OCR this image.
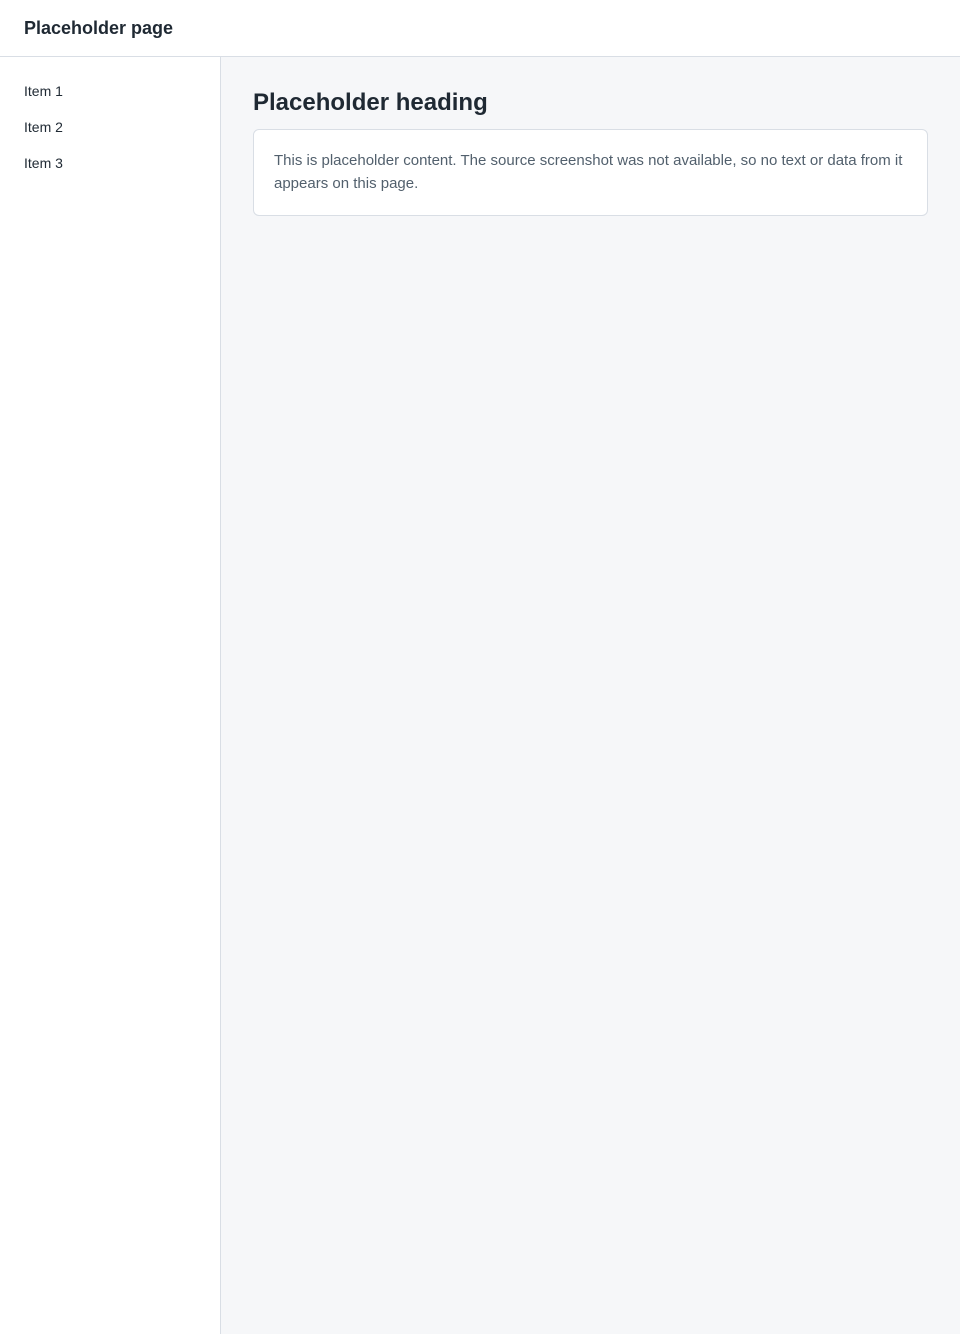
Placeholder page
Item 1
Item 2
Item 3
Placeholder heading
This is placeholder content. The source screenshot was not available, so no text or data from it appears on this page.
